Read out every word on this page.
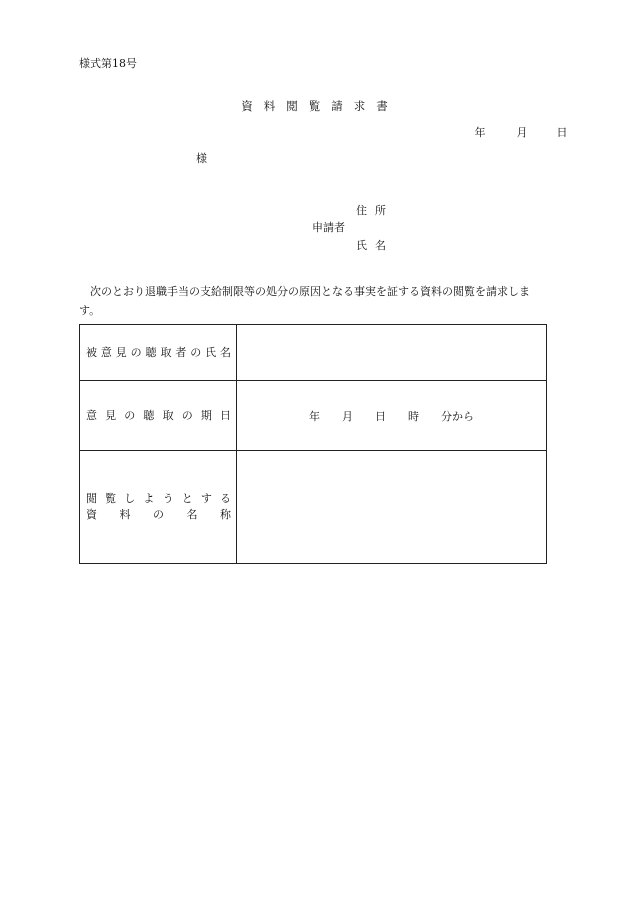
様式第18号
資料閲覧請求書
年	月	日
様
住所
申請者
氏名
次のとおり退職手当の支給制限等の処分の原因となる事実を証する資料の閲覧を請求します。
被意見の聴取者の氏名	

意見の聴取の期日	年 月 日 時 分から

閲覧しようとする
資料の名称	
